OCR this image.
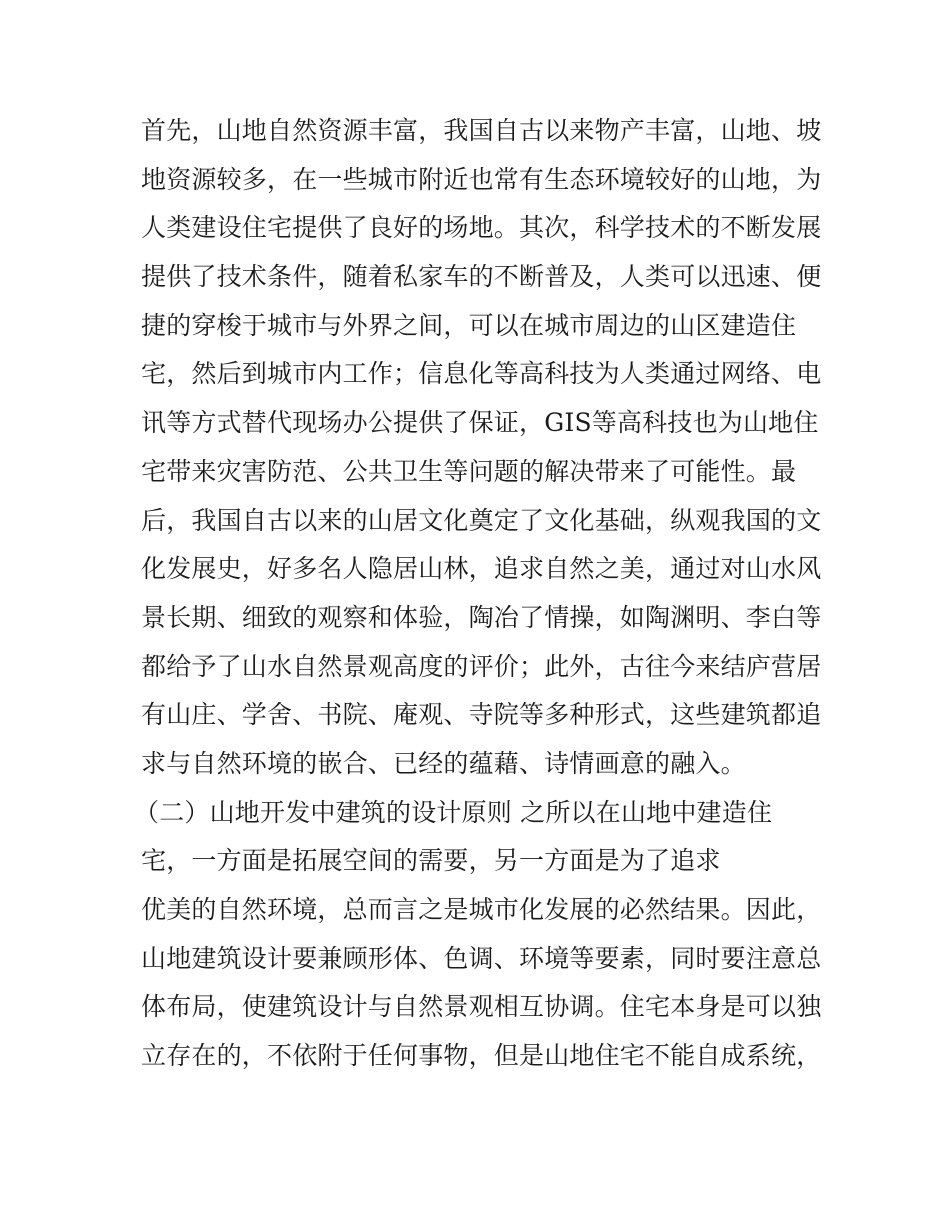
首先，山地自然资源丰富，我国自古以来物产丰富，山地、坡
地资源较多，在一些城市附近也常有生态环境较好的山地，为
人类建设住宅提供了良好的场地。其次，科学技术的不断发展
提供了技术条件，随着私家车的不断普及，人类可以迅速、便
捷的穿梭于城市与外界之间，可以在城市周边的山区建造住
宅，然后到城市内工作；信息化等高科技为人类通过网络、电
讯等方式替代现场办公提供了保证，GIS等高科技也为山地住
宅带来灾害防范、公共卫生等问题的解决带来了可能性。最
后，我国自古以来的山居文化奠定了文化基础，纵观我国的文
化发展史，好多名人隐居山林，追求自然之美，通过对山水风
景长期、细致的观察和体验，陶冶了情操，如陶渊明、李白等
都给予了山水自然景观高度的评价；此外，古往今来结庐营居
有山庄、学舍、书院、庵观、寺院等多种形式，这些建筑都追
求与自然环境的嵌合、已经的蕴藉、诗情画意的融入。
（二）山地开发中建筑的设计原则 之所以在山地中建造住
宅，一方面是拓展空间的需要，另一方面是为了追求
优美的自然环境，总而言之是城市化发展的必然结果。因此，
山地建筑设计要兼顾形体、色调、环境等要素，同时要注意总
体布局，使建筑设计与自然景观相互协调。住宅本身是可以独
立存在的，不依附于任何事物，但是山地住宅不能自成系统，
